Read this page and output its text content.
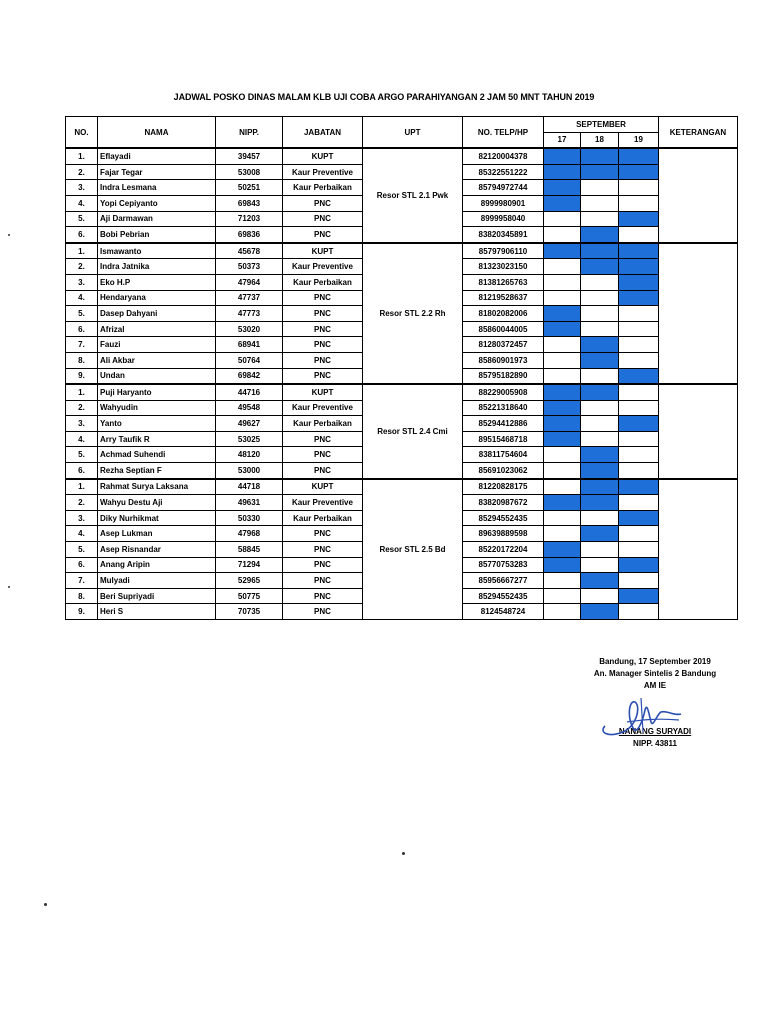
JADWAL POSKO DINAS MALAM KLB UJI COBA ARGO PARAHIYANGAN 2 JAM 50 MNT TAHUN 2019
NO.	NAMA	NIPP.	JABATAN	UPT	NO. TELP/HP	SEPTEMBER			KETERANGAN
						17	18	19	
1.	Eflayadi	39457	KUPT	Resor STL 2.1 Pwk	82120004378				
2.	Fajar Tegar	53008	Kaur Preventive		85322551222				
3.	Indra Lesmana	50251	Kaur Perbaikan		85794972744				
4.	Yopi Cepiyanto	69843	PNC		8999980901				
5.	Aji Darmawan	71203	PNC		8999958040				
6.	Bobi Pebrian	69836	PNC		83820345891				
1.	Ismawanto	45678	KUPT	Resor STL 2.2 Rh	85797906110				
2.	Indra Jatnika	50373	Kaur Preventive		81323023150				
3.	Eko H.P	47964	Kaur Perbaikan		81381265763				
4.	Hendaryana	47737	PNC		81219528637				
5.	Dasep Dahyani	47773	PNC		81802082006				
6.	Afrizal	53020	PNC		85860044005				
7.	Fauzi	68941	PNC		81280372457				
8.	Ali Akbar	50764	PNC		85860901973				
9.	Undan	69842	PNC		85795182890				
1.	Puji Haryanto	44716	KUPT	Resor STL 2.4 Cmi	88229005908				
2.	Wahyudin	49548	Kaur Preventive		85221318640				
3.	Yanto	49627	Kaur Perbaikan		85294412886				
4.	Arry Taufik R	53025	PNC		89515468718				
5.	Achmad Suhendi	48120	PNC		83811754604				
6.	Rezha Septian F	53000	PNC		85691023062				
1.	Rahmat Surya Laksana	44718	KUPT	Resor STL 2.5 Bd	81220828175				
2.	Wahyu Destu Aji	49631	Kaur Preventive		83820987672				
3.	Diky Nurhikmat	50330	Kaur Perbaikan		85294552435				
4.	Asep Lukman	47968	PNC		89639889598				
5.	Asep Risnandar	58845	PNC		85220172204				
6.	Anang Aripin	71294	PNC		85770753283				
7.	Mulyadi	52965	PNC		85956667277				
8.	Beri Supriyadi	50775	PNC		85294552435				
9.	Heri S	70735	PNC		8124548724				
Bandung, 17 September 2019
An. Manager Sintelis 2 Bandung
AM IE
NANANG SURYADI
NIPP. 43811
